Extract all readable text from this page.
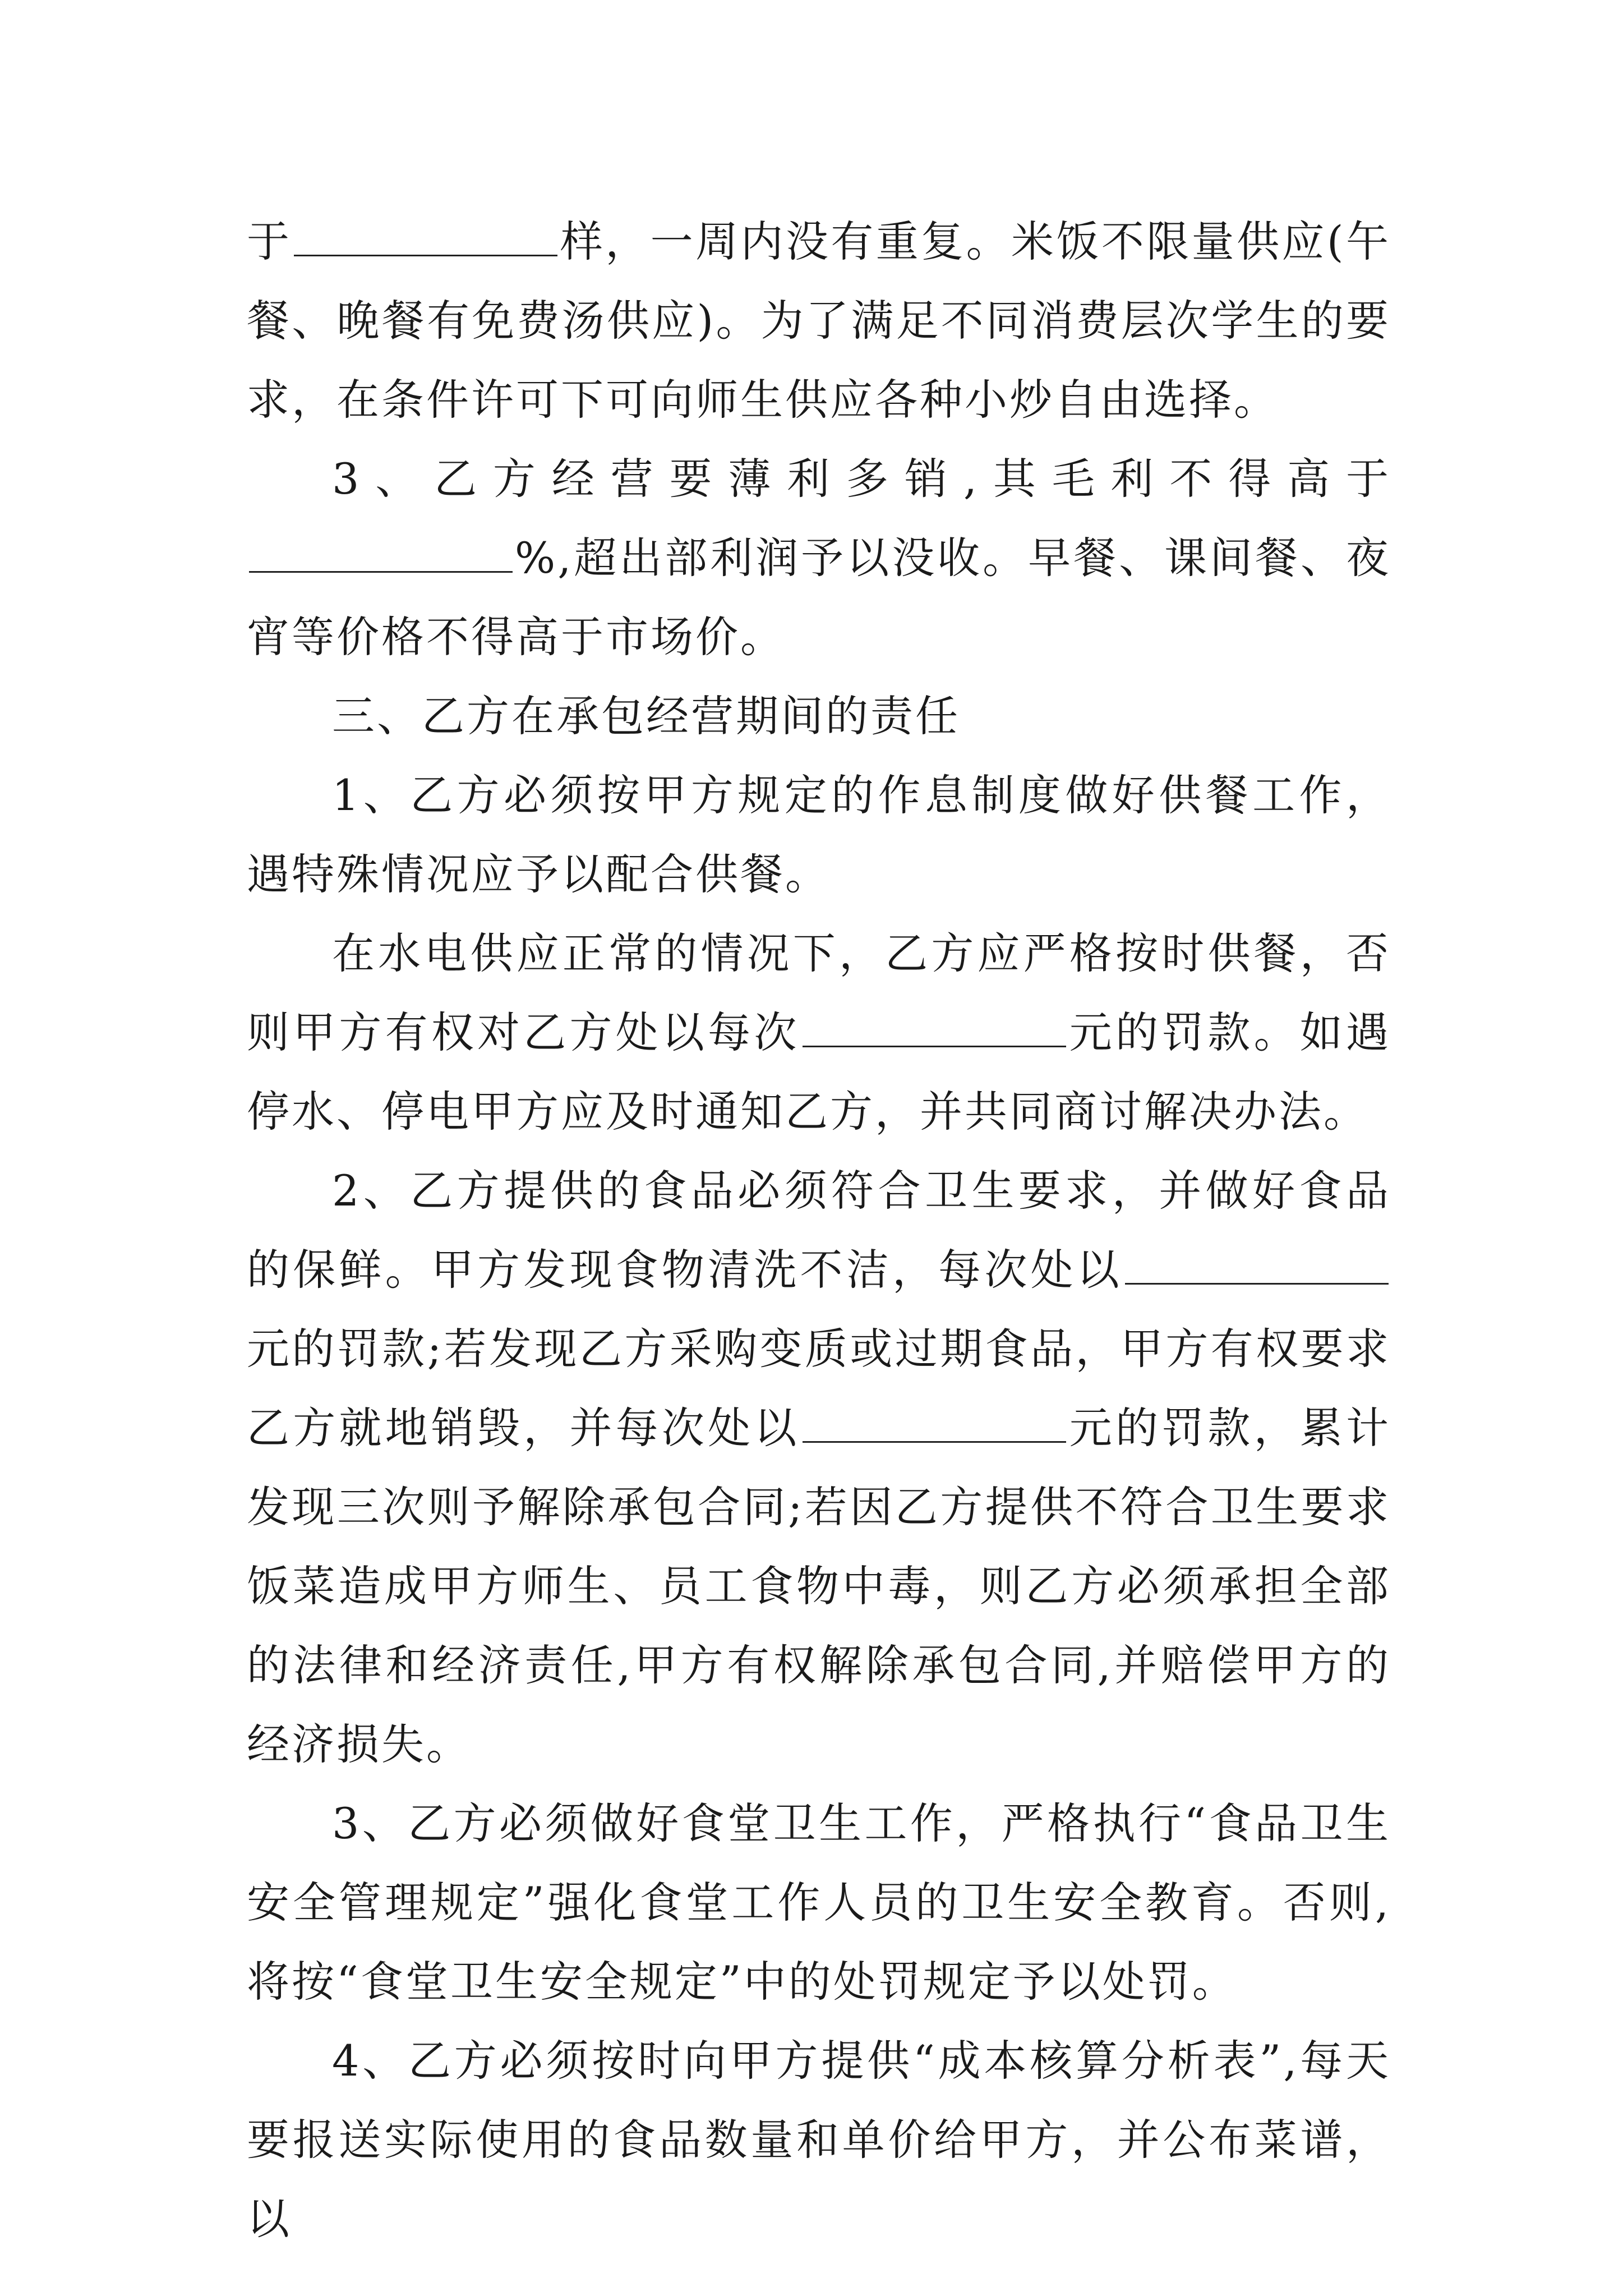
于	样，一周内没有重复。米饭不限量供应(午餐、晚餐有免费汤供应)。为了满足不同消费层次学生的要求，在条件许可下可向师生供应各种小炒自由选择。

3、乙方经营要薄利多销,其毛利不得高于%,超出部利润予以没收。早餐、课间餐、夜宵等价格不得高于市场价。

三、乙方在承包经营期间的责任

1、乙方必须按甲方规定的作息制度做好供餐工作，遇特殊情况应予以配合供餐。

在水电供应正常的情况下，乙方应严格按时供餐，否则甲方有权对乙方处以每次	元的罚款。如遇停水、停电甲方应及时通知乙方，并共同商讨解决办法。

2、乙方提供的食品必须符合卫生要求，并做好食品的保鲜。甲方发现食物清洗不洁，每次处以元的罚款;若发现乙方采购变质或过期食品，甲方有权要求乙方就地销毁，并每次处以	元的罚款，累计发现三次则予解除承包合同;若因乙方提供不符合卫生要求饭菜造成甲方师生、员工食物中毒，则乙方必须承担全部的法律和经济责任,甲方有权解除承包合同,并赔偿甲方的经济损失。

3、乙方必须做好食堂卫生工作，严格执行“食品卫生安全管理规定”强化食堂工作人员的卫生安全教育。否则,将按“食堂卫生安全规定”中的处罚规定予以处罚。

4、乙方必须按时向甲方提供“成本核算分析表”,每天要报送实际使用的食品数量和单价给甲方，并公布菜谱，以
